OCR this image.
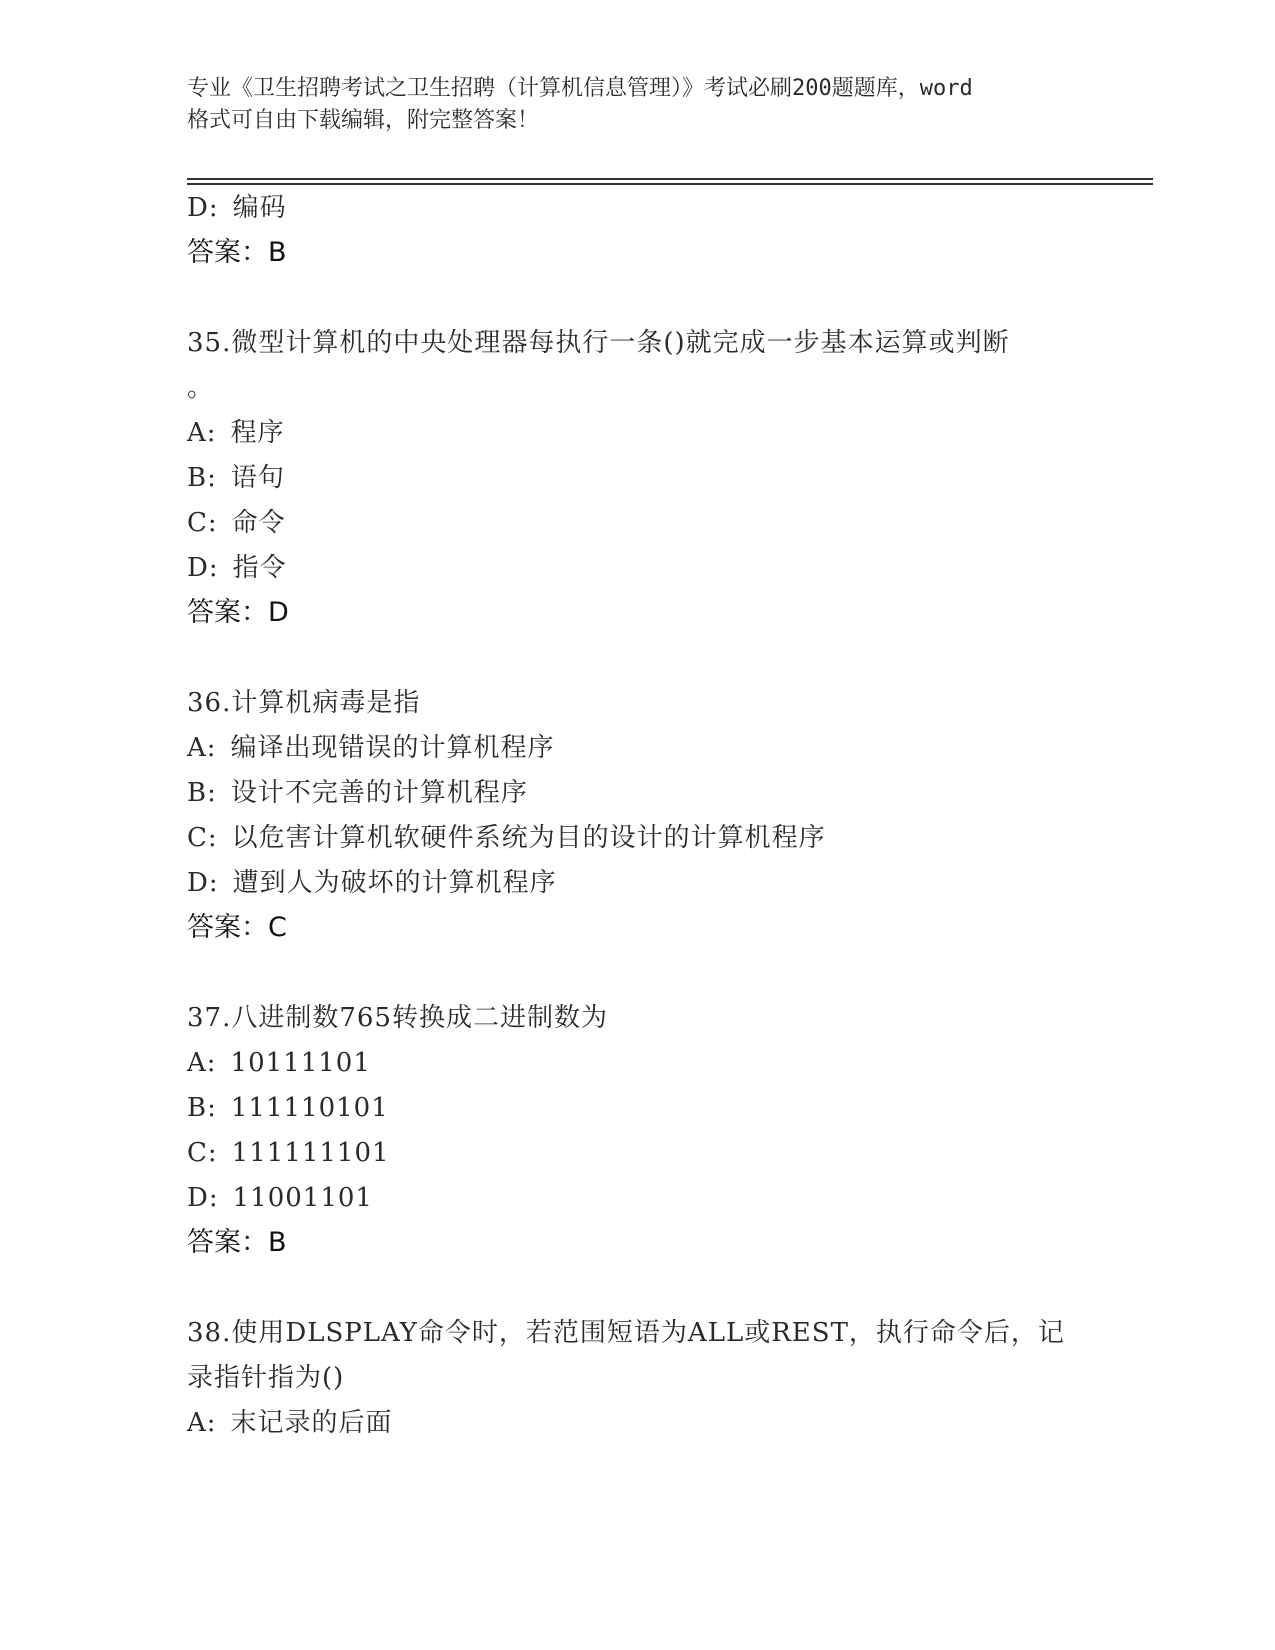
专业《卫生招聘考试之卫生招聘（计算机信息管理）》考试必刷200题题库，word
格式可自由下载编辑，附完整答案！
D: 编码
答案：B
35.微型计算机的中央处理器每执行一条()就完成一步基本运算或判断
。
A: 程序
B: 语句
C: 命令
D: 指令
答案：D
36.计算机病毒是指
A: 编译出现错误的计算机程序
B: 设计不完善的计算机程序
C: 以危害计算机软硬件系统为目的设计的计算机程序
D: 遭到人为破坏的计算机程序
答案：C
37.八进制数765转换成二进制数为
A: 10111101
B: 111110101
C: 111111101
D: 11001101
答案：B
38.使用DLSPLAY命令时，若范围短语为ALL或REST，执行命令后，记
录指针指为()
A: 末记录的后面
